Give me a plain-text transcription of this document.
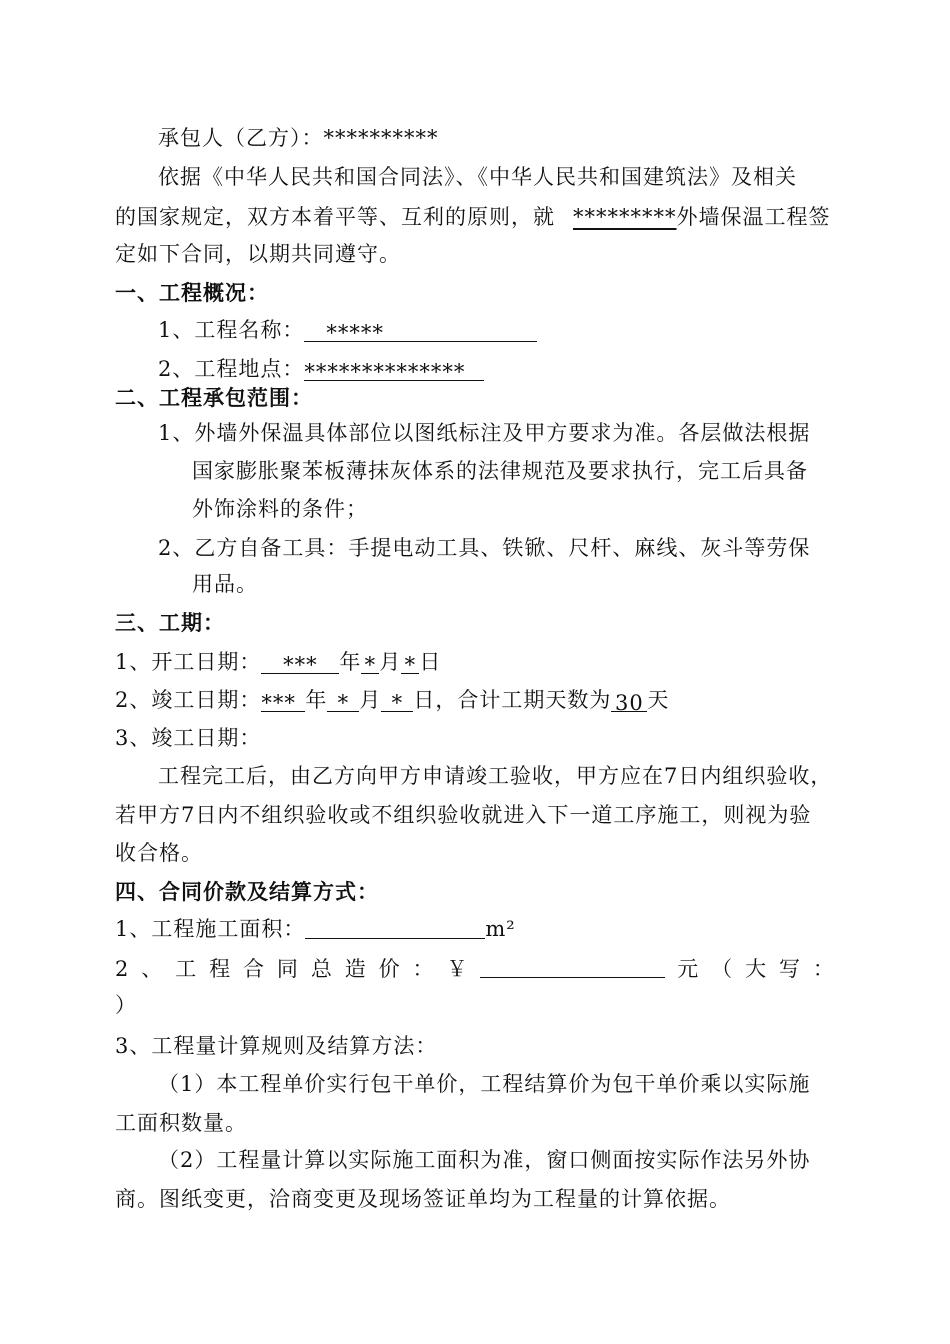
承包人（乙方）：**********
依据《中华人民共和国合同法》、《中华人民共和国建筑法》及相关
的国家规定，双方本着平等、互利的原则，就 *********外墙保温工程签
定如下合同，以期共同遵守。
一、工程概况：
1、工程名称： *****
2、工程地点：**************
二、工程承包范围：
1、外墙外保温具体部位以图纸标注及甲方要求为准。各层做法根据
国家膨胀聚苯板薄抹灰体系的法律规范及要求执行，完工后具备
外饰涂料的条件；
2、乙方自备工具：手提电动工具、铁锨、尺杆、麻线、灰斗等劳保
用品。
三、工期：
1、开工日期： *** 年 * 月 * 日
2、竣工日期：*** 年 * 月 * 日，合计工期天数为 30 天
3、竣工日期：
工程完工后，由乙方向甲方申请竣工验收，甲方应在7日内组织验收，
若甲方7日内不组织验收或不组织验收就进入下一道工序施工，则视为验
收合格。
四、合同价款及结算方式：
1、工程施工面积：	m²
2 、 工 程 合 同 总 造 价 ： ￥	元 （ 大 写 ：
）
3、工程量计算规则及结算方法：
（1）本工程单价实行包干单价，工程结算价为包干单价乘以实际施
工面积数量。
（2）工程量计算以实际施工面积为准，窗口侧面按实际作法另外协
商。图纸变更，洽商变更及现场签证单均为工程量的计算依据。
